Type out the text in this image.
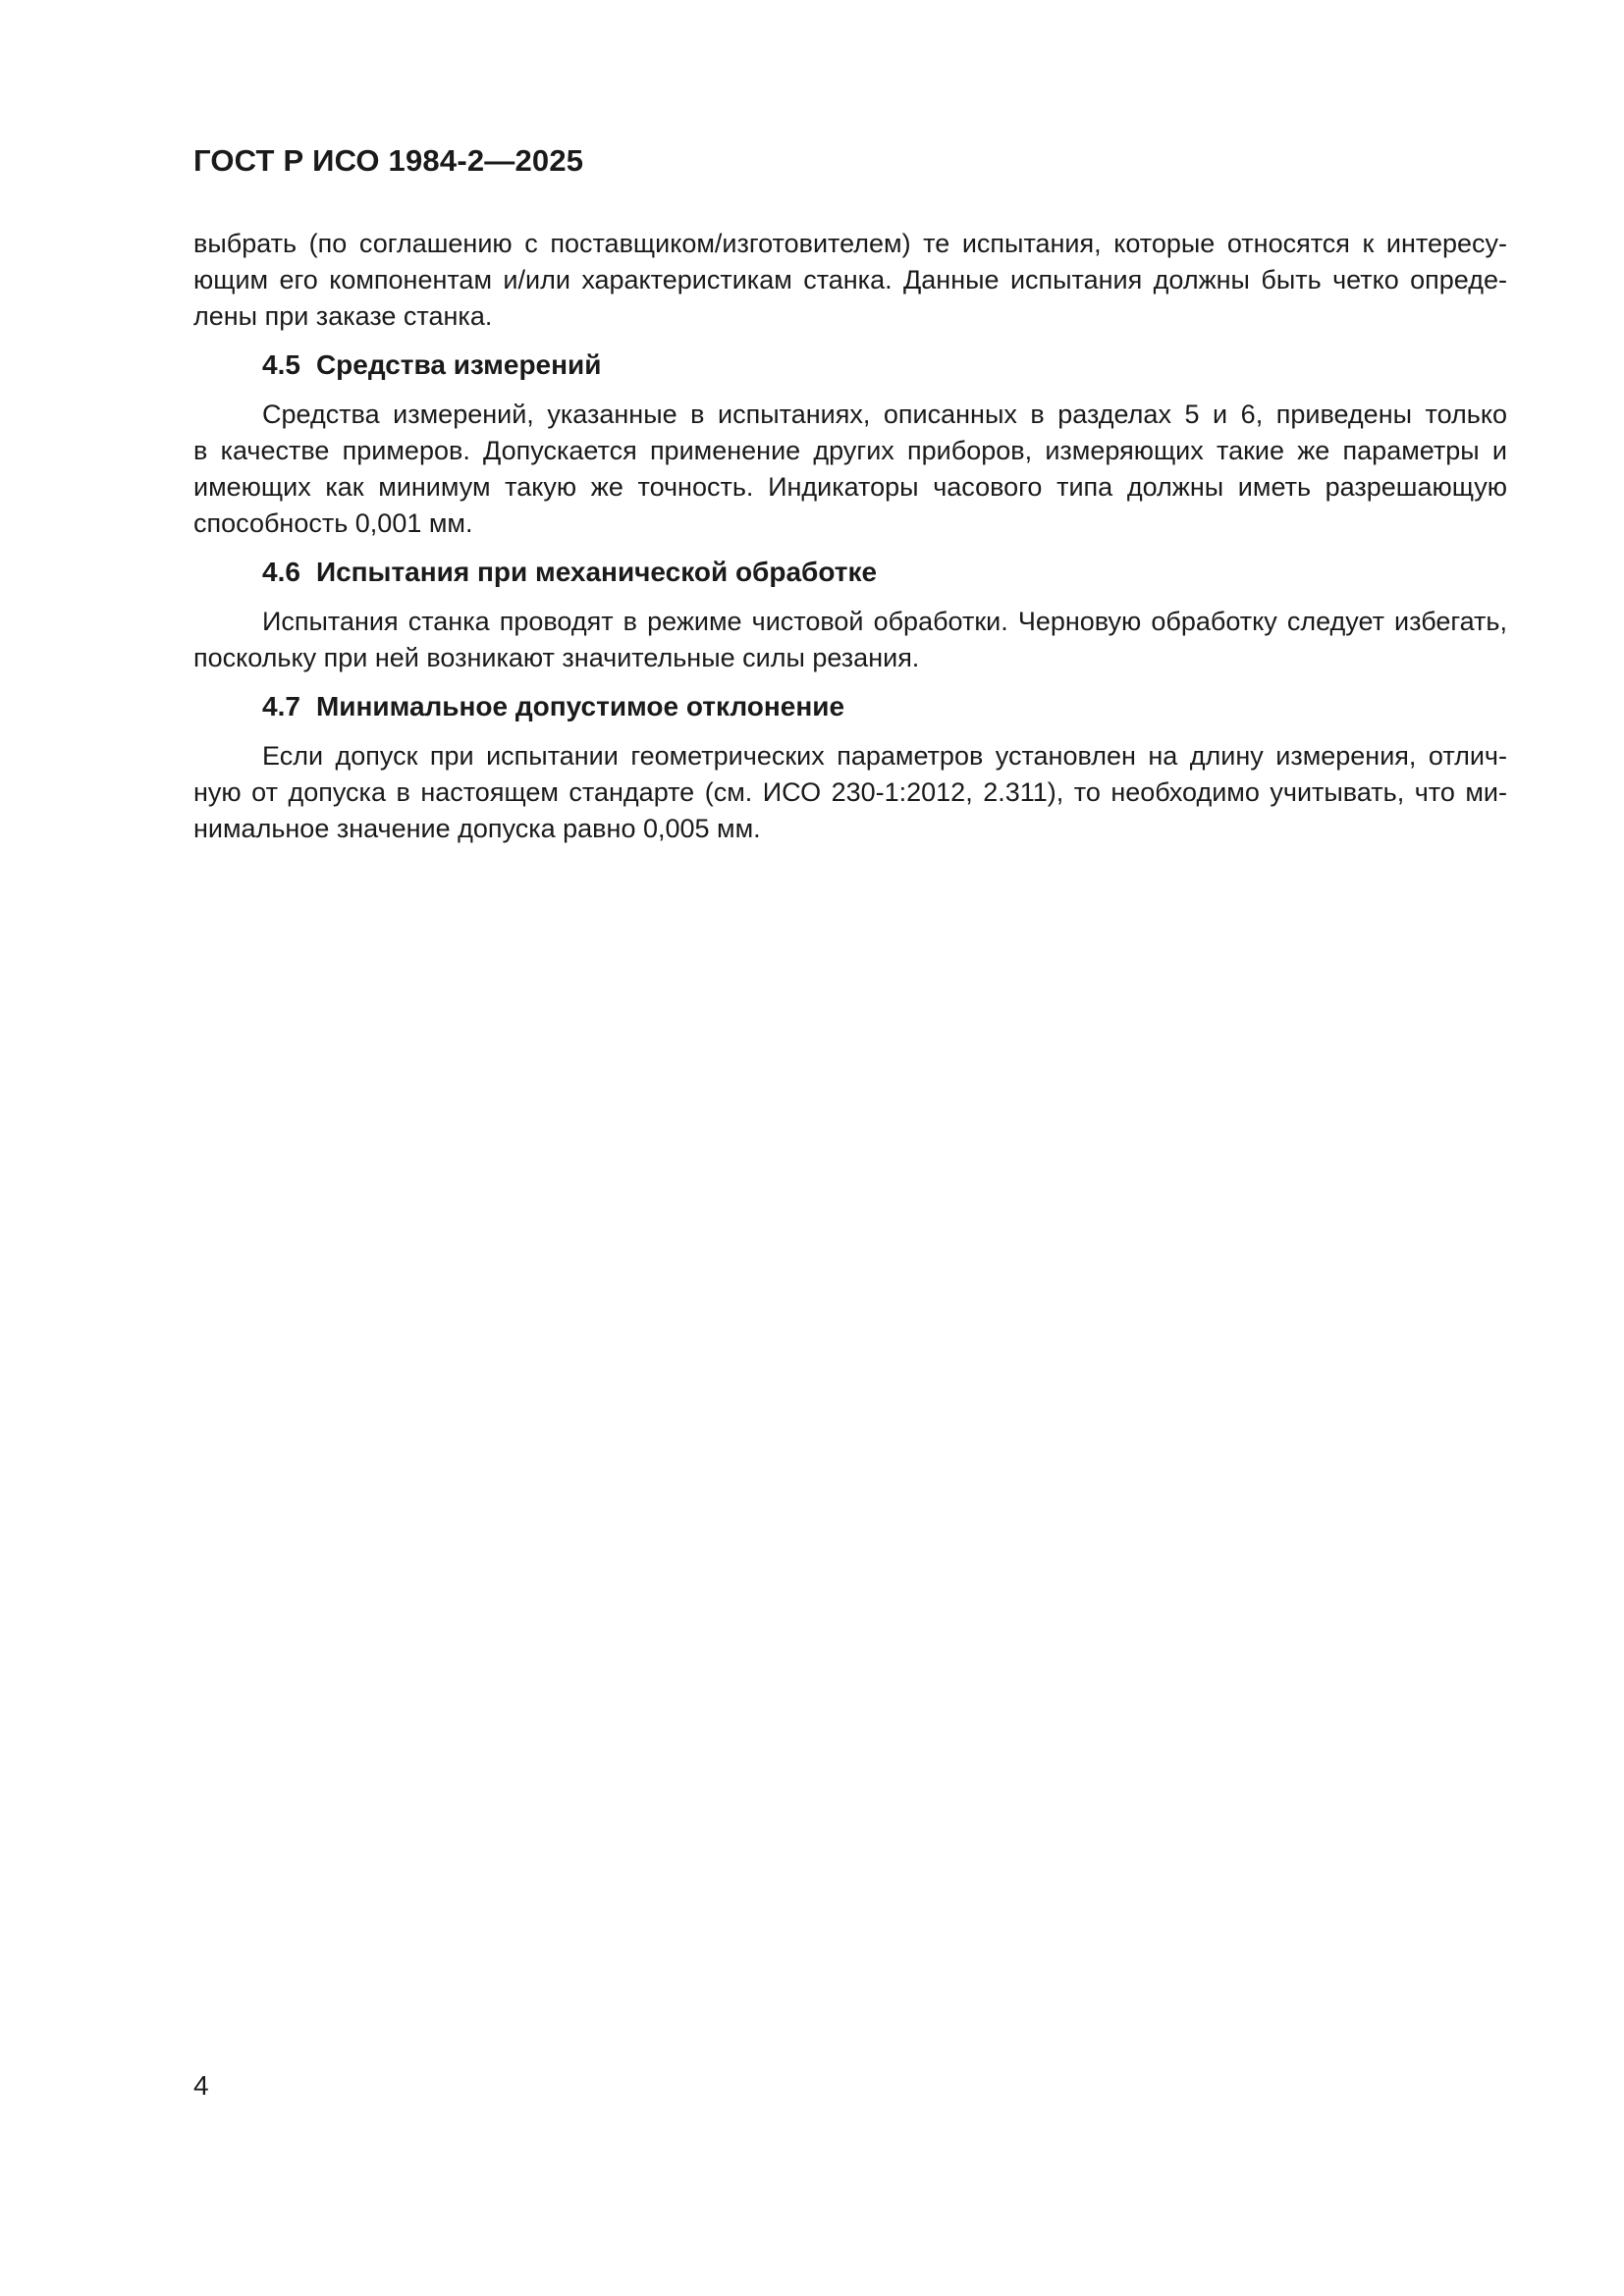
ГОСТ Р ИСО 1984-2—2025

выбрать (по соглашению с поставщиком/изготовителем) те испытания, которые относятся к интересу-
ющим его компонентам и/или характеристикам станка. Данные испытания должны быть четко опреде-
лены при заказе станка.

4.5 Средства измерений

Средства измерений, указанные в испытаниях, описанных в разделах 5 и 6, приведены только
в качестве примеров. Допускается применение других приборов, измеряющих такие же параметры и
имеющих как минимум такую же точность. Индикаторы часового типа должны иметь разрешающую
способность 0,001 мм.

4.6 Испытания при механической обработке

Испытания станка проводят в режиме чистовой обработки. Черновую обработку следует избегать,
поскольку при ней возникают значительные силы резания.

4.7 Минимальное допустимое отклонение

Если допуск при испытании геометрических параметров установлен на длину измерения, отлич-
ную от допуска в настоящем стандарте (см. ИСО 230-1:2012, 2.311), то необходимо учитывать, что ми-
нимальное значение допуска равно 0,005 мм.

4
